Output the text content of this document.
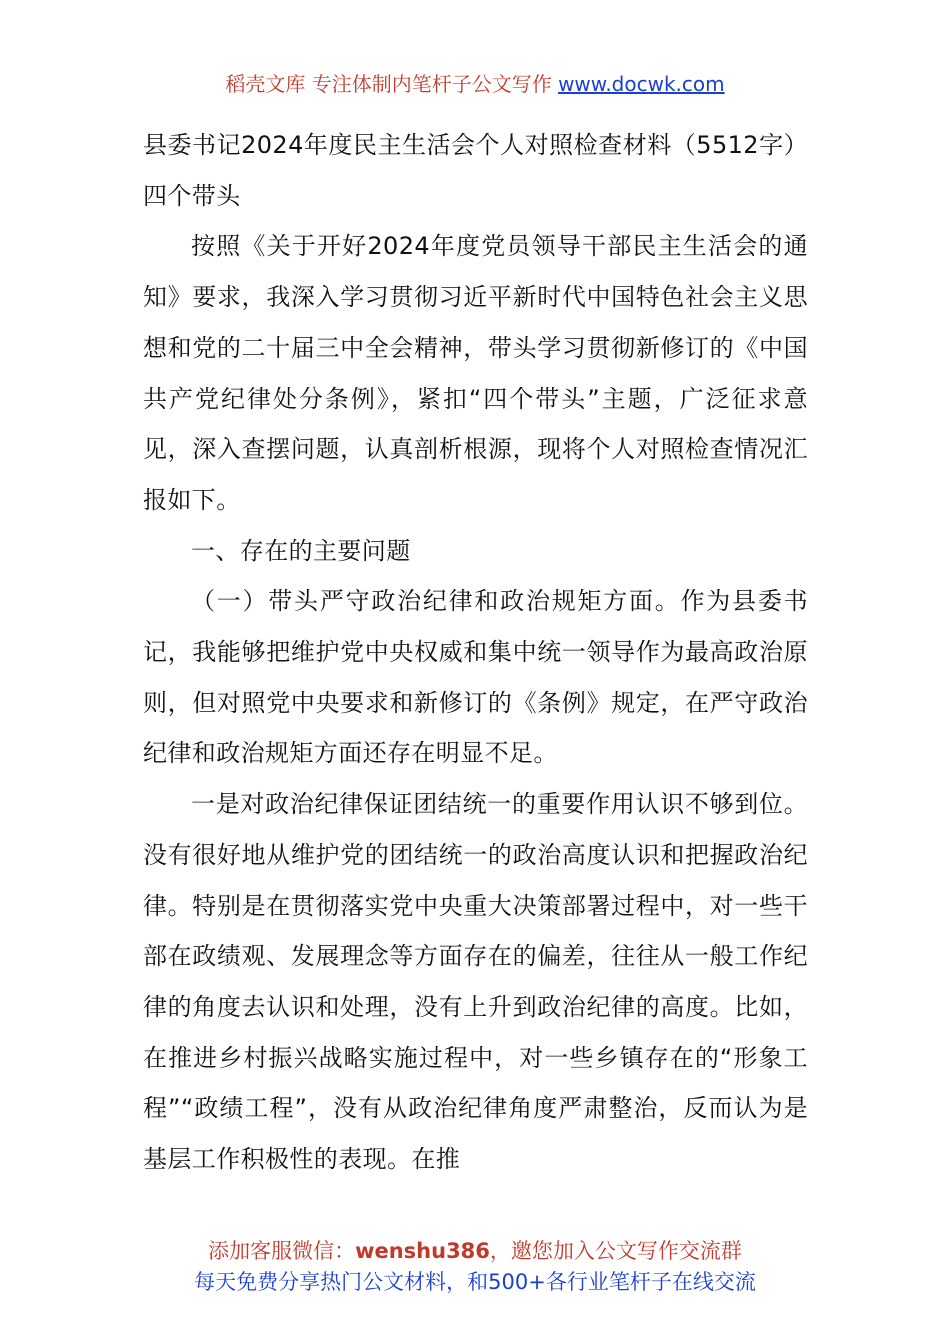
稻壳文库 专注体制内笔杆子公文写作 www.docwk.com

县委书记2024年度民主生活会个人对照检查材料（5512字）四个带头

按照《关于开好2024年度党员领导干部民主生活会的通知》要求，我深入学习贯彻习近平新时代中国特色社会主义思想和党的二十届三中全会精神，带头学习贯彻新修订的《中国共产党纪律处分条例》，紧扣“四个带头”主题，广泛征求意见，深入查摆问题，认真剖析根源，现将个人对照检查情况汇报如下。

一、存在的主要问题

（一）带头严守政治纪律和政治规矩方面。作为县委书记，我能够把维护党中央权威和集中统一领导作为最高政治原则，但对照党中央要求和新修订的《条例》规定，在严守政治纪律和政治规矩方面还存在明显不足。

一是对政治纪律保证团结统一的重要作用认识不够到位。没有很好地从维护党的团结统一的政治高度认识和把握政治纪律。特别是在贯彻落实党中央重大决策部署过程中，对一些干部在政绩观、发展理念等方面存在的偏差，往往从一般工作纪律的角度去认识和处理，没有上升到政治纪律的高度。比如，在推进乡村振兴战略实施过程中，对一些乡镇存在的“形象工程”“政绩工程”，没有从政治纪律角度严肃整治，反而认为是基层工作积极性的表现。在推

添加客服微信：wenshu386，邀您加入公文写作交流群
每天免费分享热门公文材料，和500+各行业笔杆子在线交流
